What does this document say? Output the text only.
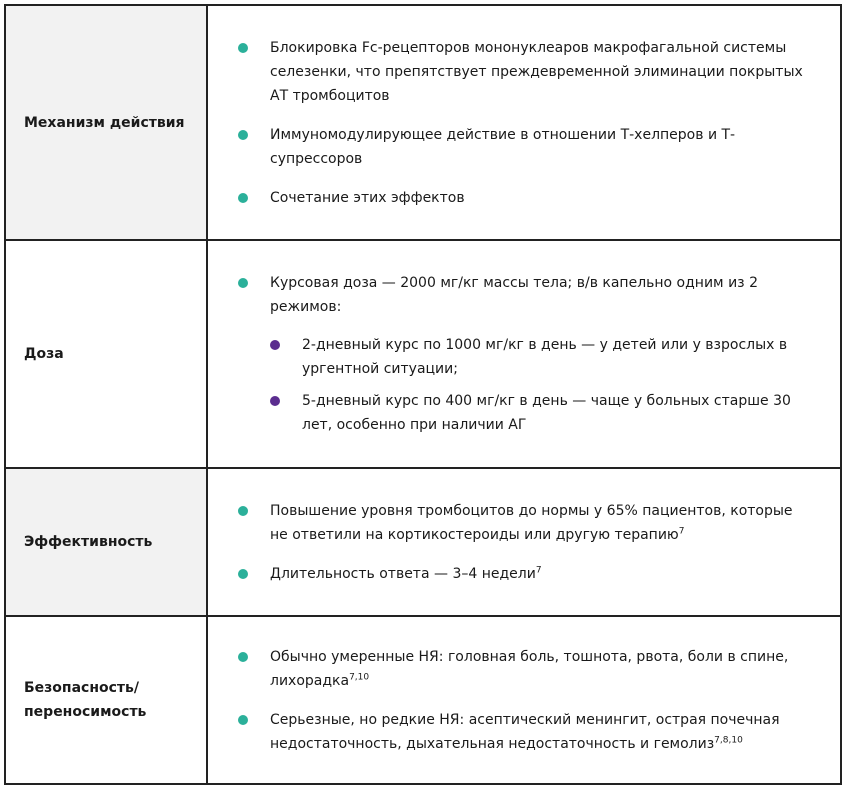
Механизм действия
Блокировка Fc-рецепторов мононуклеаров макрофагальной системы селезенки, что препятствует преждевременной элиминации покрытых АТ тромбоцитов
Иммуномодулирующее действие в отношении Т-хелперов и Т-супрессоров
Сочетание этих эффектов
Доза
Курсовая доза — 2000 мг/кг массы тела; в/в капельно одним из 2 режимов:
2-дневный курс по 1000 мг/кг в день — у детей или у взрослых в ургентной ситуации;
5-дневный курс по 400 мг/кг в день — чаще у больных старше 30 лет, особенно при наличии АГ
Эффективность
Повышение уровня тромбоцитов до нормы у 65% пациентов, которые не ответили на кортикостероиды или другую терапию$^7$
Длительность ответа — 3–4 недели$^7$
Безопасность/
переносимость
Обычно умеренные НЯ: головная боль, тошнота, рвота, боли в спине, лихорадка$^{7,10}$
Серьезные, но редкие НЯ: асептический менингит, острая почечная недостаточность, дыхательная недостаточность и гемолиз$^{7,8,10}$
